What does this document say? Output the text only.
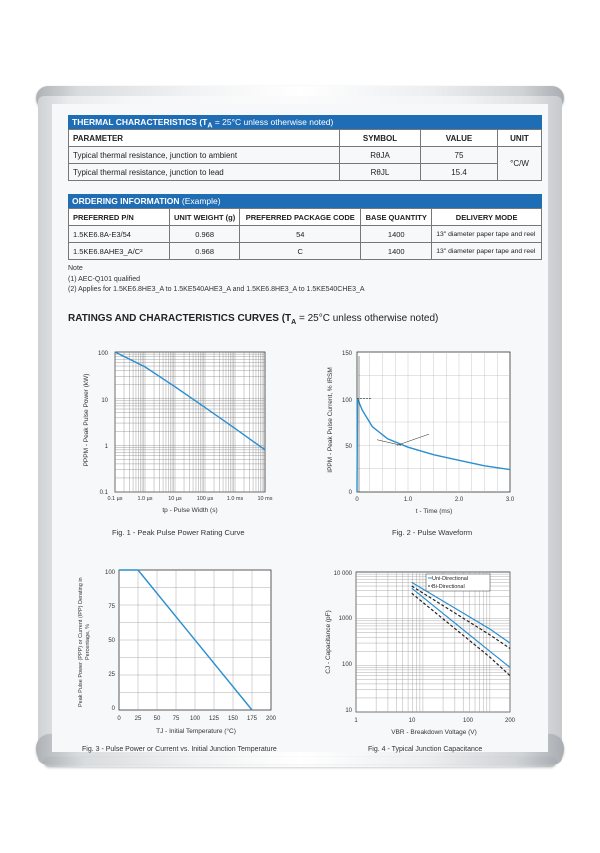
THERMAL CHARACTERISTICS ($T_A = 25^\circ C$ unless otherwise noted)
PARAMETER	SYMBOL	VALUE	UNIT
Typical thermal resistance, junction to ambient	RθJA	75	°C/W
Typical thermal resistance, junction to lead	RθJL	15.4	
ORDERING INFORMATION (Example)
PREFERRED P/N	UNIT WEIGHT (g)	PREFERRED PACKAGE CODE	BASE QUANTITY	DELIVERY MODE
1.5KE6.8A-E3/54	0.968	54	1400	13" diameter paper tape and reel
1.5KE6.8AHE3_A/C²	0.968	C	1400	13" diameter paper tape and reel
Note
(1) AEC-Q101 qualified
(2) Applies for 1.5KE6.8HE3_A to 1.5KE540AHE3_A and 1.5KE6.8HE3_A to 1.5KE540CHE3_A
RATINGS AND CHARACTERISTICS CURVES ($T_A = 25^\circ C$ unless otherwise noted)
PPPM - Peak Pulse Power (kW)
100
10
1
0.1
0.1 µs	1.0 µs	10 µs	100 µs 1.0 ms	10 ms
tp - Pulse Width (s)
Fig. 1 - Peak Pulse Power Rating Curve
IPPM - Peak Pulse Current, % IRSM
150
100
50
0
0	1.0	2.0	3.0
t - Time (ms)
Fig. 2 - Pulse Waveform
Peak Pulse Power (PPP) or Current (IPP) Derating in Percentage, %
100
75
50
25
0
0 25 50 75 100 125 150 175 200
TJ - Initial Temperature (°C)
Fig. 3 - Pulse Power or Current vs. Initial Junction Temperature
CJ - Capacitance (pF)
10 000
1000
100
10
1	10	100	200
VBR - Breakdown Voltage (V)
Uni-Directional
Bi-Directional
Fig. 4 - Typical Junction Capacitance
